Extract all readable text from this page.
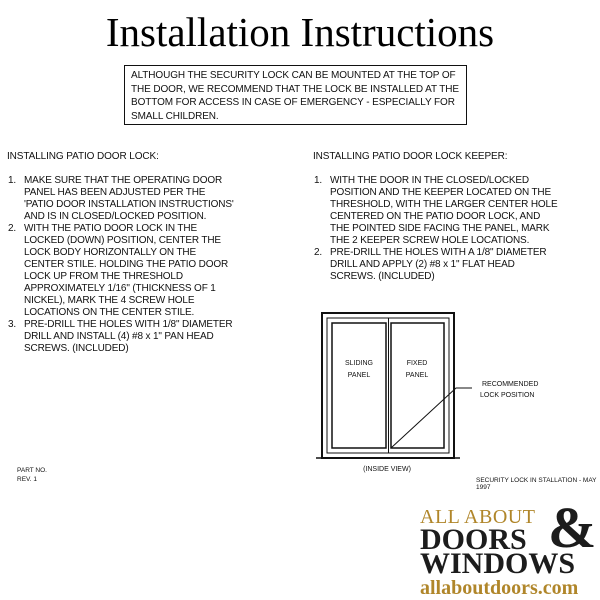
Installation Instructions
ALTHOUGH THE SECURITY LOCK CAN BE MOUNTED AT THE TOP OF THE DOOR, WE RECOMMEND THAT THE LOCK BE INSTALLED AT THE BOTTOM FOR ACCESS IN CASE OF EMERGENCY - ESPECIALLY FOR SMALL CHILDREN.
INSTALLING PATIO DOOR LOCK:
1. MAKE SURE THAT THE OPERATING DOOR
PANEL HAS BEEN ADJUSTED PER THE
'PATIO DOOR INSTALLATION INSTRUCTIONS'
AND IS IN CLOSED/LOCKED POSITION.
2. WITH THE PATIO DOOR LOCK IN THE
LOCKED (DOWN) POSITION, CENTER THE
LOCK BODY HORIZONTALLY ON THE
CENTER STILE. HOLDING THE PATIO DOOR
LOCK UP FROM THE THRESHOLD
APPROXIMATELY 1/16" (THICKNESS OF 1
NICKEL), MARK THE 4 SCREW HOLE
LOCATIONS ON THE CENTER STILE.
3. PRE-DRILL THE HOLES WITH 1/8" DIAMETER
DRILL AND INSTALL (4) #8 x 1" PAN HEAD
SCREWS. (INCLUDED)
INSTALLING PATIO DOOR LOCK KEEPER:
1. WITH THE DOOR IN THE CLOSED/LOCKED
POSITION AND THE KEEPER LOCATED ON THE
THRESHOLD, WITH THE LARGER CENTER HOLE
CENTERED ON THE PATIO DOOR LOCK, AND
THE POINTED SIDE FACING THE PANEL, MARK
THE 2 KEEPER SCREW HOLE LOCATIONS.
2. PRE-DRILL THE HOLES WITH A 1/8" DIAMETER
DRILL AND APPLY (2) #8 x 1" FLAT HEAD
SCREWS. (INCLUDED)
SLIDING
PANEL
FIXED
PANEL
RECOMMENDED
LOCK POSITION
(INSIDE VIEW)
PART NO.
REV. 1	SECURITY LOCK IN STALLATION - MAY 1997
ALL ABOUT
DOORS &
WINDOWS
allaboutdoors.com
